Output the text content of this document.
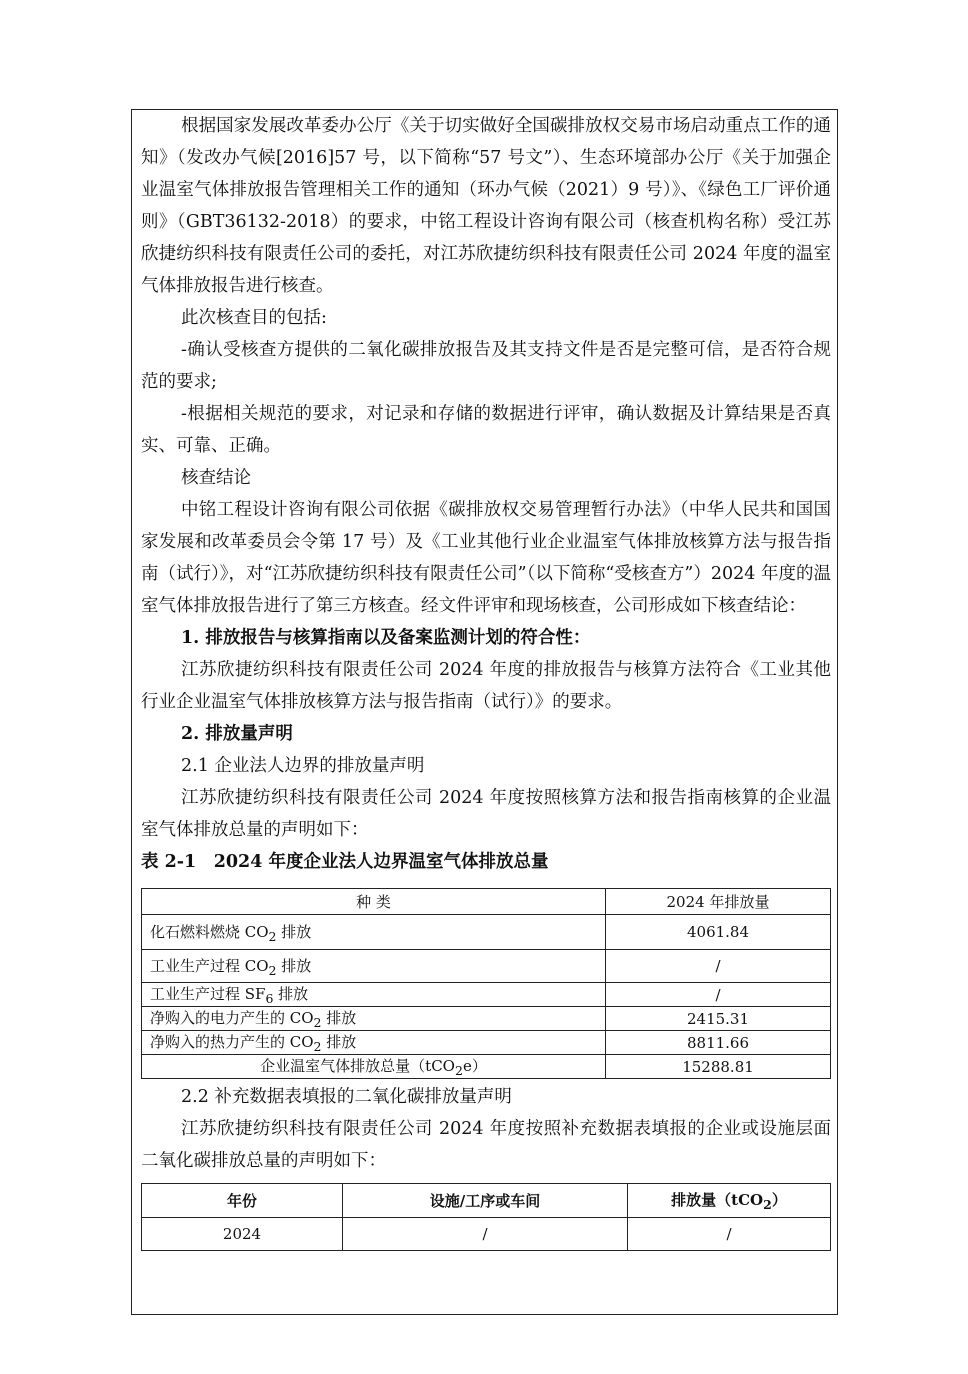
根据国家发展改革委办公厅《关于切实做好全国碳排放权交易市场启动重点工作的通知》（发改办气候[2016]57 号，以下简称“57 号文”）、生态环境部办公厅《关于加强企业温室气体排放报告管理相关工作的通知（环办气候（2021）9 号）》、《绿色工厂评价通则》（GBT36132-2018）的要求，中铭工程设计咨询有限公司（核查机构名称）受江苏欣捷纺织科技有限责任公司的委托，对江苏欣捷纺织科技有限责任公司 2024 年度的温室气体排放报告进行核查。

此次核查目的包括:

-确认受核查方提供的二氧化碳排放报告及其支持文件是否是完整可信，是否符合规范的要求;

-根据相关规范的要求，对记录和存储的数据进行评审，确认数据及计算结果是否真实、可靠、正确。

核查结论

中铭工程设计咨询有限公司依据《碳排放权交易管理暂行办法》（中华人民共和国国家发展和改革委员会令第 17 号）及《工业其他行业企业温室气体排放核算方法与报告指南（试行）》，对“江苏欣捷纺织科技有限责任公司”（以下简称“受核查方”）2024 年度的温室气体排放报告进行了第三方核查。经文件评审和现场核查，公司形成如下核查结论：

1. 排放报告与核算指南以及备案监测计划的符合性：

江苏欣捷纺织科技有限责任公司 2024 年度的排放报告与核算方法符合《工业其他行业企业温室气体排放核算方法与报告指南（试行）》的要求。

2. 排放量声明

2.1 企业法人边界的排放量声明

江苏欣捷纺织科技有限责任公司 2024 年度按照核算方法和报告指南核算的企业温室气体排放总量的声明如下：

表 2-1　2024 年度企业法人边界温室气体排放总量

种 类	2024 年排放量
化石燃料燃烧 $CO_2$ 排放	4061.84
工业生产过程 $CO_2$ 排放	/
工业生产过程 $SF_6$ 排放	/
净购入的电力产生的 $CO_2$ 排放	2415.31
净购入的热力产生的 $CO_2$ 排放	8811.66
企业温室气体排放总量（tCO$_2$e）	15288.81

2.2 补充数据表填报的二氧化碳排放量声明

江苏欣捷纺织科技有限责任公司 2024 年度按照补充数据表填报的企业或设施层面二氧化碳排放总量的声明如下：

年份	设施/工序或车间	排放量（tCO$_2$）
2024	/	/
